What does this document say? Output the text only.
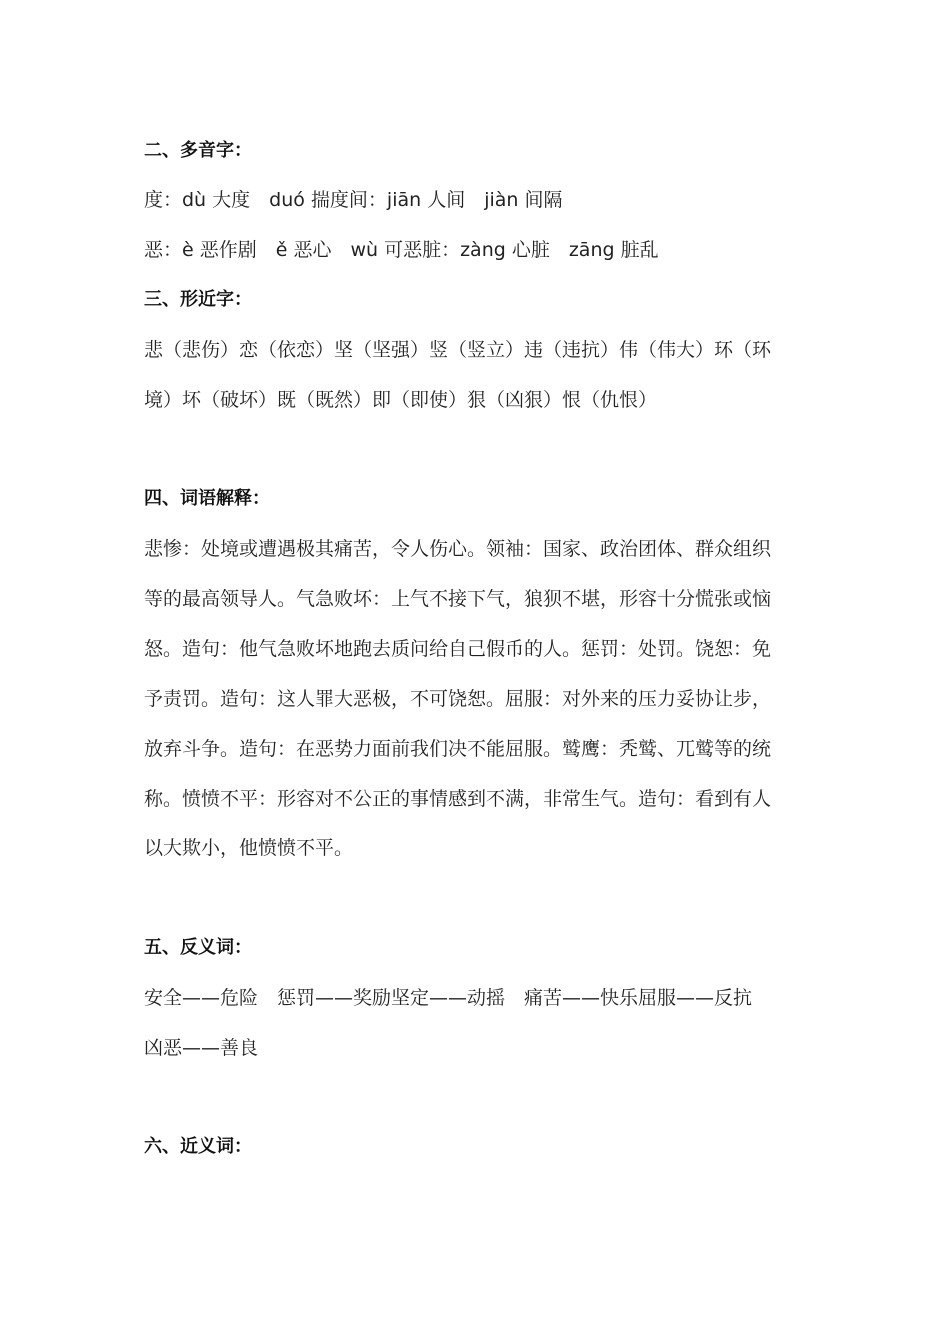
二、多音字：
度：dù 大度　duó 揣度间：jiān 人间　jiàn 间隔
恶：è 恶作剧　ě 恶心　wù 可恶脏：zàng 心脏　zāng 脏乱
三、形近字：
悲（悲伤）恋（依恋）坚（坚强）竖（竖立）违（违抗）伟（伟大）环（环
境）坏（破坏）既（既然）即（即使）狠（凶狠）恨（仇恨）
四、词语解释：
悲惨：处境或遭遇极其痛苦，令人伤心。领袖：国家、政治团体、群众组织
等的最高领导人。气急败坏：上气不接下气，狼狈不堪，形容十分慌张或恼
怒。造句：他气急败坏地跑去质问给自己假币的人。惩罚：处罚。饶恕：免
予责罚。造句：这人罪大恶极，不可饶恕。屈服：对外来的压力妥协让步，
放弃斗争。造句：在恶势力面前我们决不能屈服。鹫鹰：秃鹫、兀鹫等的统
称。愤愤不平：形容对不公正的事情感到不满，非常生气。造句：看到有人
以大欺小，他愤愤不平。
五、反义词：
安全——危险　惩罚——奖励坚定——动摇　痛苦——快乐屈服——反抗
凶恶——善良
六、近义词：
